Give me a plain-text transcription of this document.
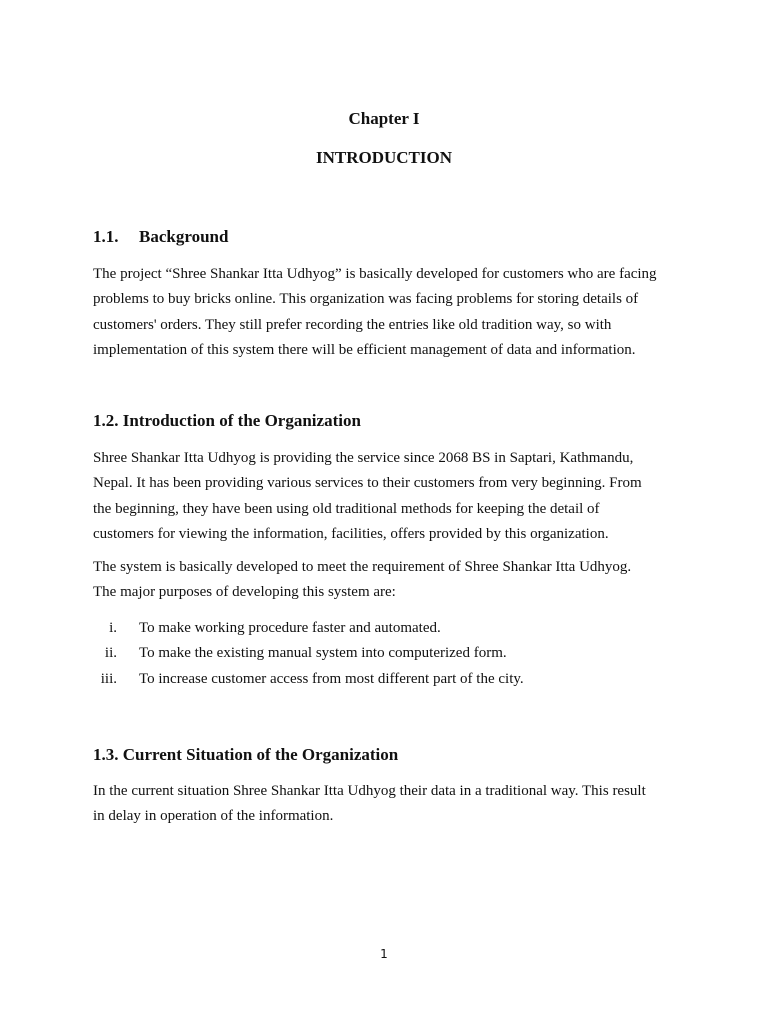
Chapter I
INTRODUCTION
1.1. Background
The project “Shree Shankar Itta Udhyog” is basically developed for customers who are facing
problems to buy bricks online. This organization was facing problems for storing details of
customers' orders. They still prefer recording the entries like old tradition way, so with
implementation of this system there will be efficient management of data and information.
1.2. Introduction of the Organization
Shree Shankar Itta Udhyog is providing the service since 2068 BS in Saptari, Kathmandu,
Nepal. It has been providing various services to their customers from very beginning. From
the beginning, they have been using old traditional methods for keeping the detail of
customers for viewing the information, facilities, offers provided by this organization.
The system is basically developed to meet the requirement of Shree Shankar Itta Udhyog.
The major purposes of developing this system are:
i. To make working procedure faster and automated.
ii. To make the existing manual system into computerized form.
iii. To increase customer access from most different part of the city.
1.3. Current Situation of the Organization
In the current situation Shree Shankar Itta Udhyog their data in a traditional way. This result
in delay in operation of the information.
1
